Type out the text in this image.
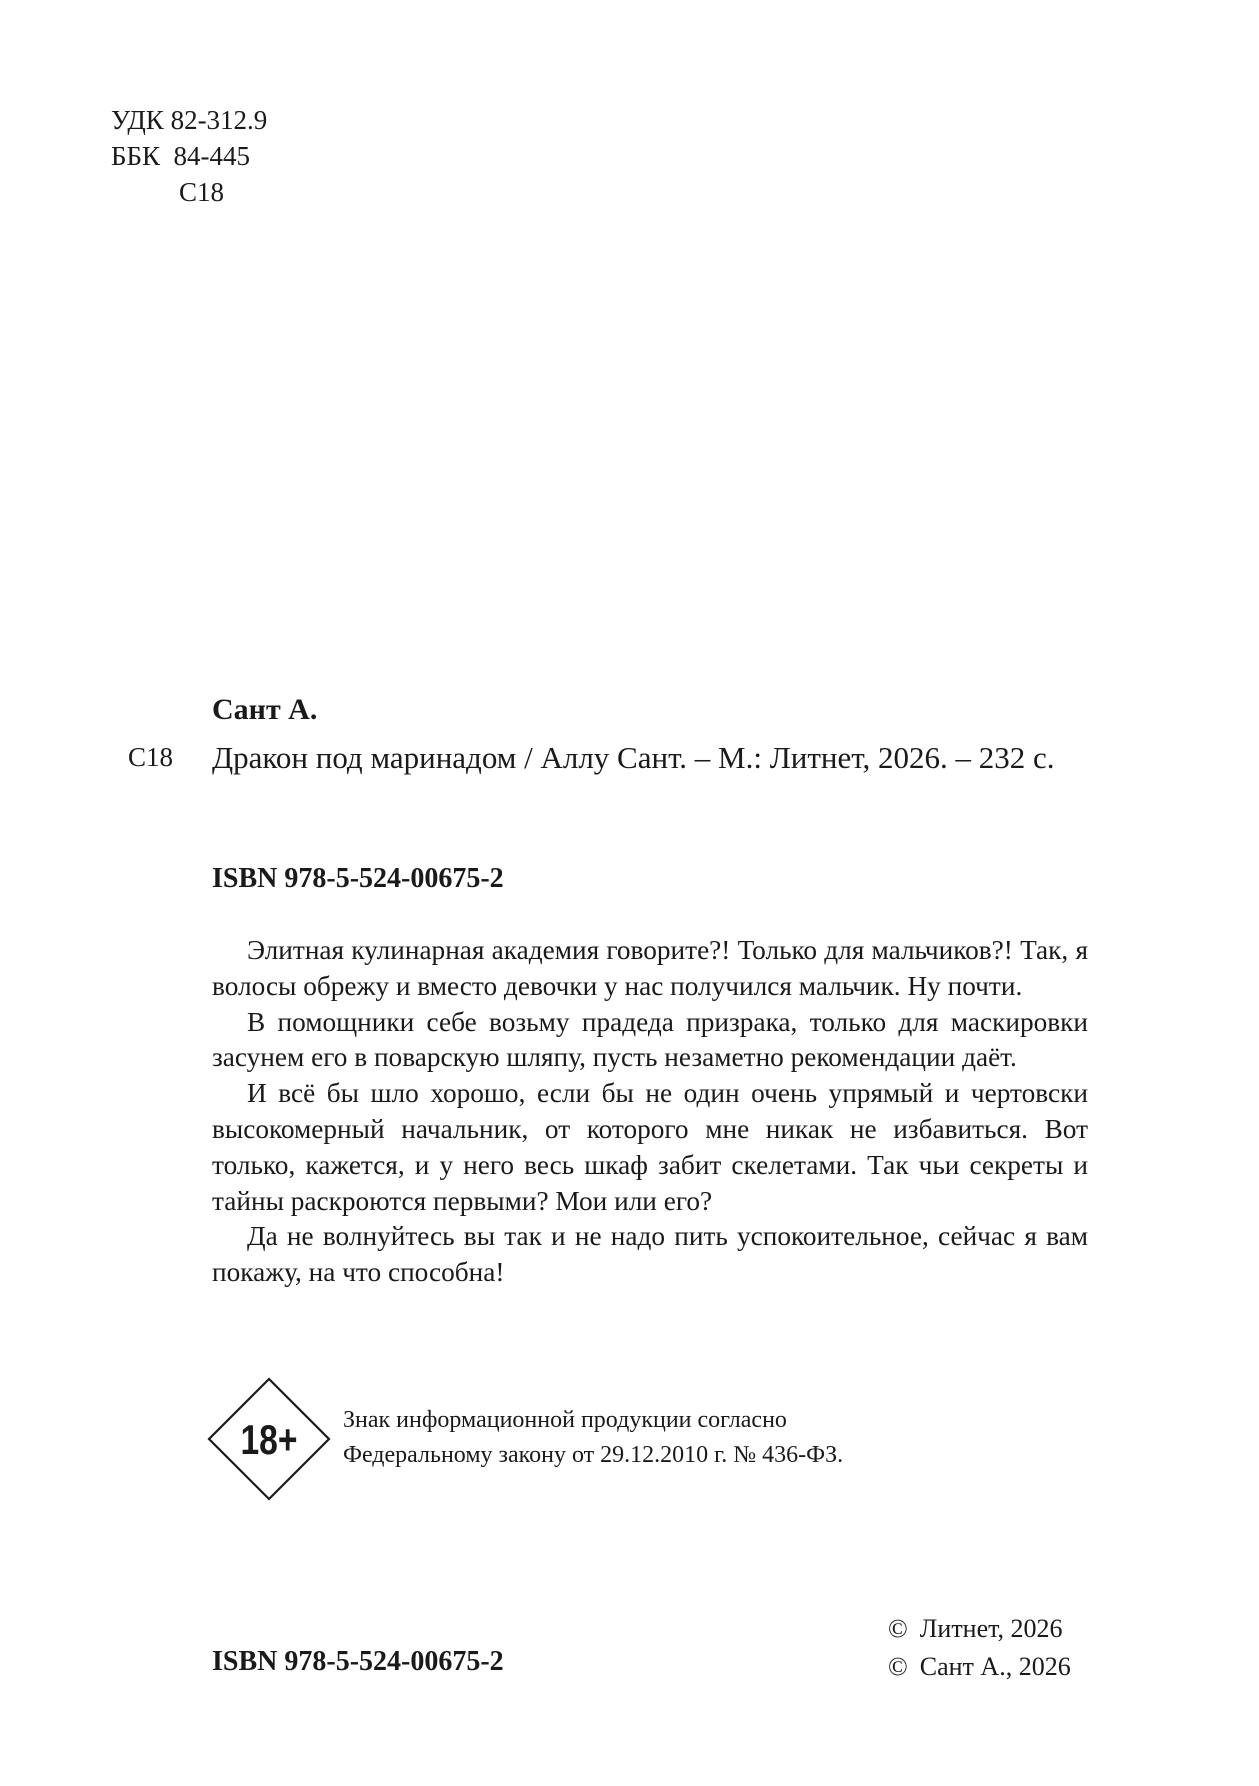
УДК 82-312.9
ББК  84-445
С18
Сант А.
С18 Дракон под маринадом / Аллу Сант. – М.: Литнет, 2026. – 232 с.
ISBN 978-5-524-00675-2

Элитная кулинарная академия говорите?! Только для мальчиков?! Так, я волосы обрежу и вместо девочки у нас получился мальчик. Ну почти.

В помощники себе возьму прадеда призрака, только для маскировки засунем его в поварскую шляпу, пусть незаметно рекомендации даёт.

И всё бы шло хорошо, если бы не один очень упрямый и чертовски высокомерный начальник, от которого мне никак не избавиться. Вот только, кажется, и у него весь шкаф забит скелетами. Так чьи секреты и тайны раскроются первыми? Мои или его?

Да не волнуйтесь вы так и не надо пить успокоительное, сейчас я вам покажу, на что способна!

18+ Знак информационной продукции согласно
Федеральному закону от 29.12.2010 г. № 436-ФЗ.
© Литнет, 2026
© Сант А., 2026
ISBN 978-5-524-00675-2
